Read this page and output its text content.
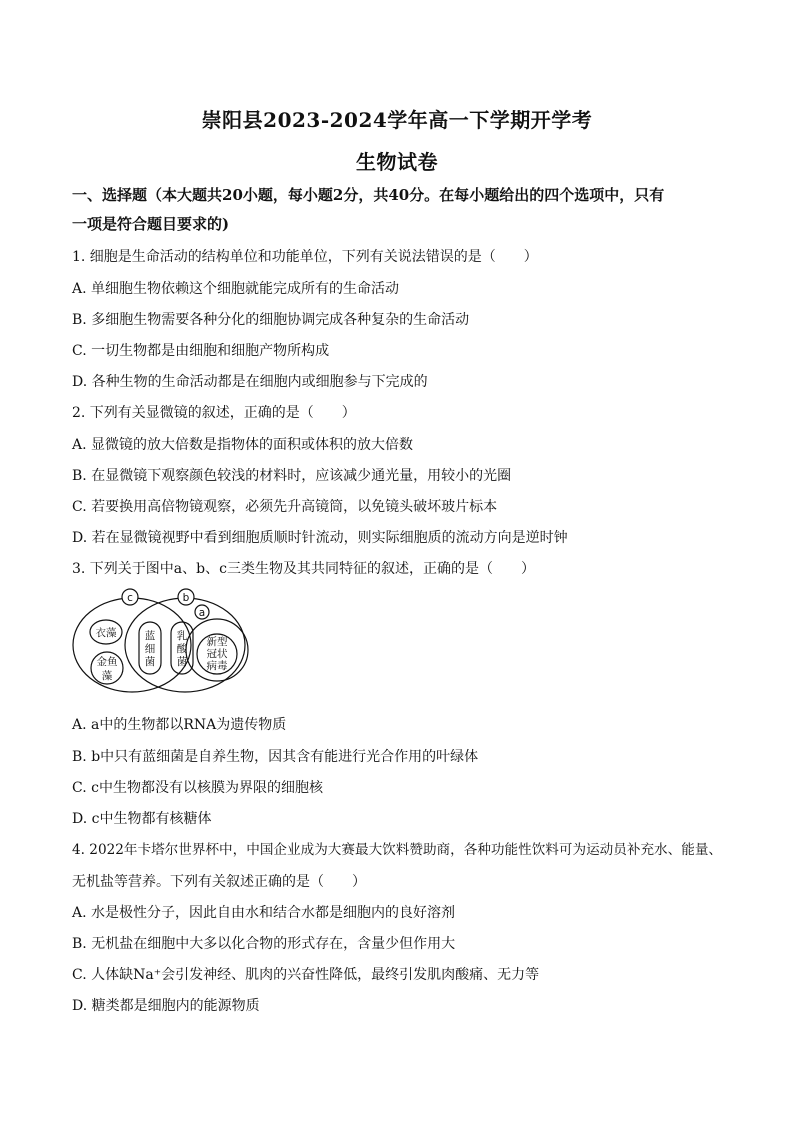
崇阳县2023-2024学年高一下学期开学考
生物试卷
一、选择题（本大题共20小题，每小题2分，共40分。在每小题给出的四个选项中，只有
一项是符合题目要求的)
1. 细胞是生命活动的结构单位和功能单位，下列有关说法错误的是（　　）
A. 单细胞生物依赖这个细胞就能完成所有的生命活动
B. 多细胞生物需要各种分化的细胞协调完成各种复杂的生命活动
C. 一切生物都是由细胞和细胞产物所构成
D. 各种生物的生命活动都是在细胞内或细胞参与下完成的
2. 下列有关显微镜的叙述，正确的是（　　）
A. 显微镜的放大倍数是指物体的面积或体积的放大倍数
B. 在显微镜下观察颜色较浅的材料时，应该减少通光量，用较小的光圈
C. 若要换用高倍物镜观察，必须先升高镜筒，以免镜头破坏玻片标本
D. 若在显微镜视野中看到细胞质顺时针流动，则实际细胞质的流动方向是逆时钟
3. 下列关于图中a、b、c三类生物及其共同特征的叙述，正确的是（　　）
c	b
a
衣藻
金鱼
藻
蓝
细
菌
乳
酸
菌
新型
冠状
病毒
A. a中的生物都以RNA为遗传物质
B. b中只有蓝细菌是自养生物，因其含有能进行光合作用的叶绿体
C. c中生物都没有以核膜为界限的细胞核
D. c中生物都有核糖体
4. 2022年卡塔尔世界杯中，中国企业成为大赛最大饮料赞助商，各种功能性饮料可为运动员补充水、能量、
无机盐等营养。下列有关叙述正确的是（　　）
A. 水是极性分子，因此自由水和结合水都是细胞内的良好溶剂
B. 无机盐在细胞中大多以化合物的形式存在，含量少但作用大
C. 人体缺Na⁺会引发神经、肌肉的兴奋性降低，最终引发肌肉酸痛、无力等
D. 糖类都是细胞内的能源物质
